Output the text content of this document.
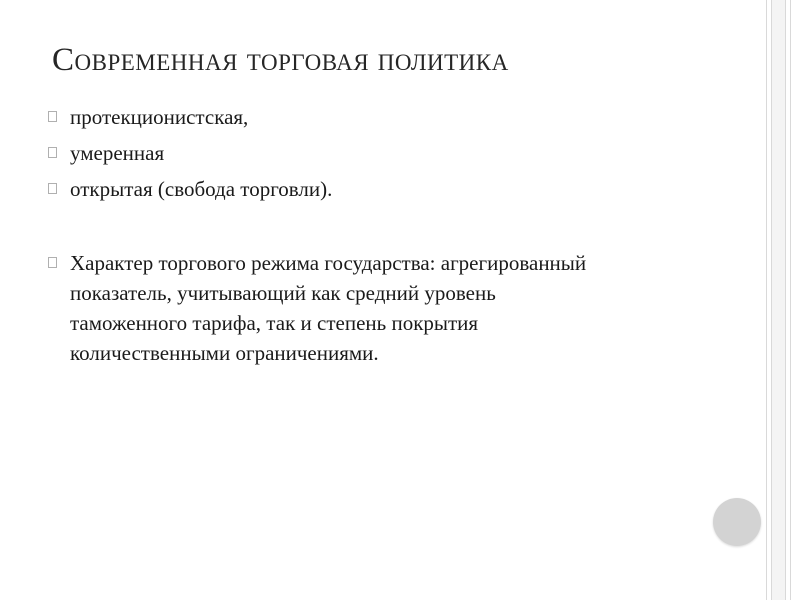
Современная торговая политика
протекционистская,
умеренная
открытая (свобода торговли).
Характер торгового режима государства: агрегированный
показатель, учитывающий как средний уровень
таможенного тарифа, так и степень покрытия
количественными ограничениями.
